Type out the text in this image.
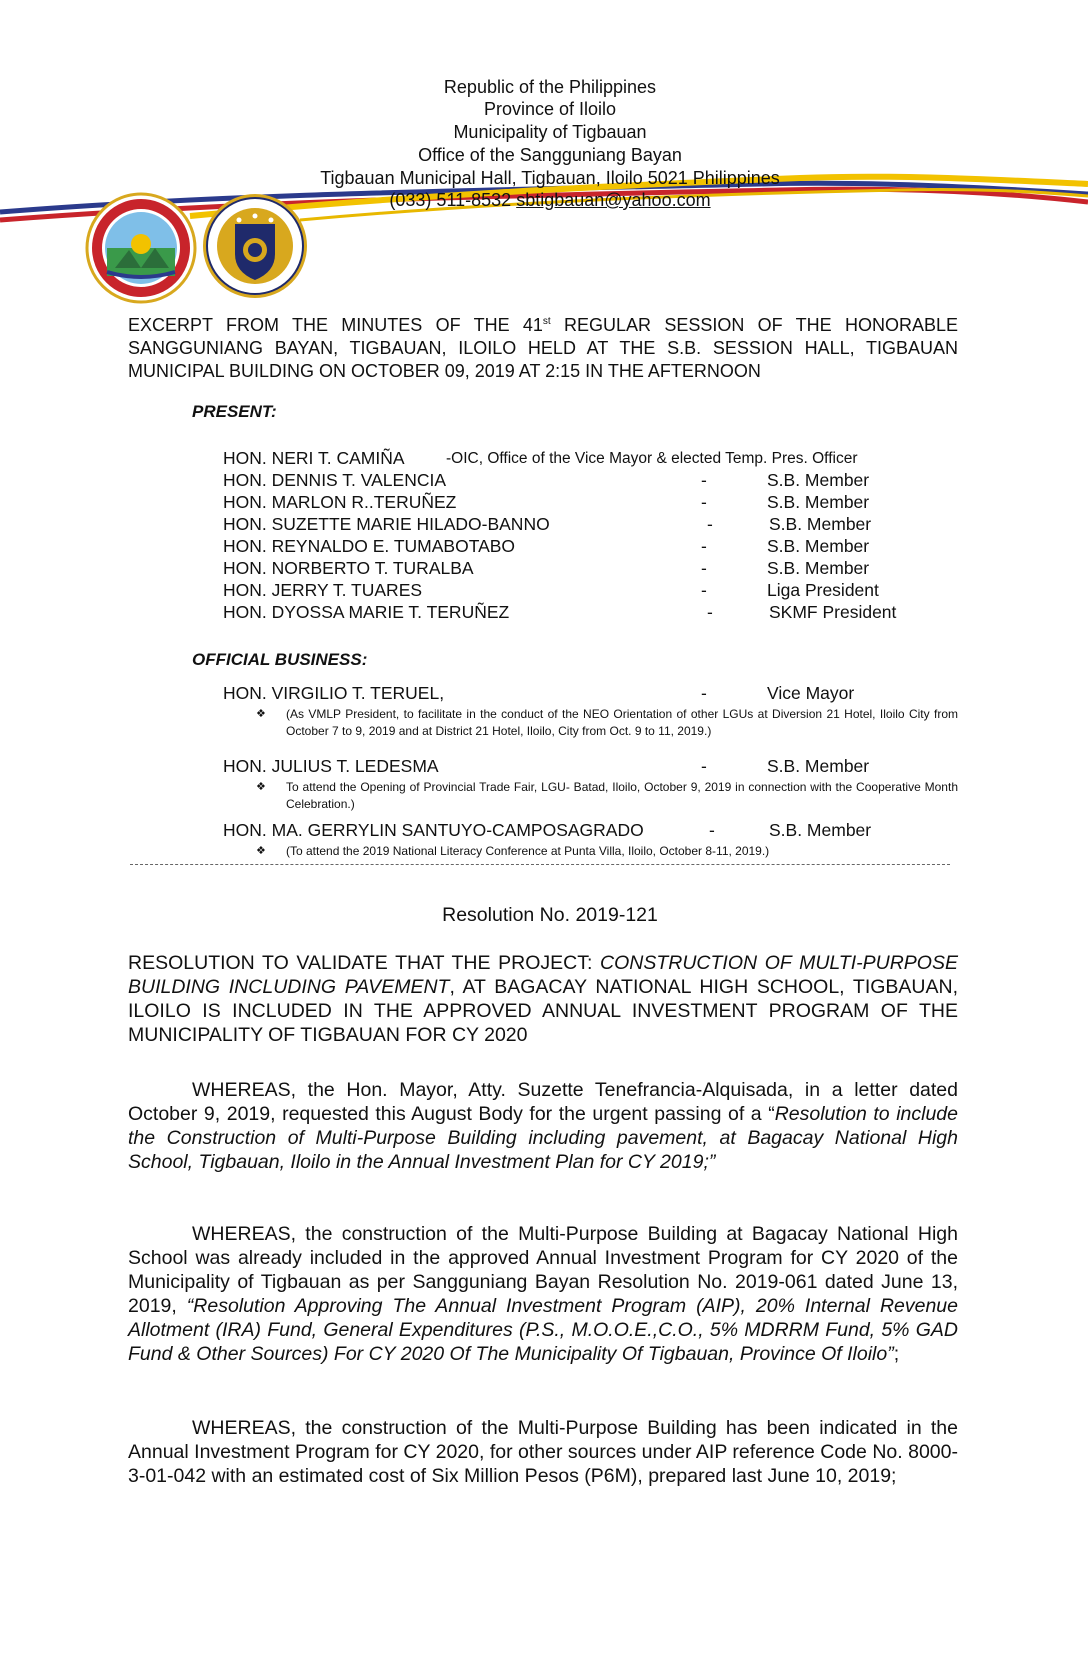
Republic of the Philippines
Province of Iloilo
Municipality of Tigbauan
Office of the Sangguniang Bayan
Tigbauan Municipal Hall, Tigbauan, Iloilo 5021 Philippines
(033) 511-8532 sbtigbauan@yahoo.com
EXCERPT FROM THE MINUTES OF THE 41st REGULAR SESSION OF THE HONORABLE SANGGUNIANG BAYAN, TIGBAUAN, ILOILO HELD AT THE S.B. SESSION HALL, TIGBAUAN MUNICIPAL BUILDING ON OCTOBER 09, 2019 AT 2:15 IN THE AFTERNOON
PRESENT:
HON. NERI T. CAMIÑA	-OIC, Office of the Vice Mayor & elected Temp. Pres. Officer
HON. DENNIS T. VALENCIA	-	S.B. Member
HON. MARLON R..TERUÑEZ	-	S.B. Member
HON. SUZETTE MARIE HILADO-BANNO	-	S.B. Member
HON. REYNALDO E. TUMABOTABO	-	S.B. Member
HON. NORBERTO T. TURALBA	-	S.B. Member
HON. JERRY T. TUARES	-	Liga President
HON. DYOSSA MARIE T. TERUÑEZ	-	SKMF President
OFFICIAL BUSINESS:
HON. VIRGILIO T. TERUEL,	-	Vice Mayor
❖ (As VMLP President, to facilitate in the conduct of the NEO Orientation of other LGUs at Diversion 21 Hotel, Iloilo City from October 7 to 9, 2019 and at District 21 Hotel, Iloilo, City from Oct. 9 to 11, 2019.)
HON. JULIUS T. LEDESMA	-	S.B. Member
❖ To attend the Opening of Provincial Trade Fair, LGU- Batad, Iloilo, October 9, 2019 in connection with the Cooperative Month Celebration.)
HON. MA. GERRYLIN SANTUYO-CAMPOSAGRADO	-	S.B. Member
❖ (To attend the 2019 National Literacy Conference at Punta Villa, Iloilo, October 8-11, 2019.)
Resolution No. 2019-121
RESOLUTION TO VALIDATE THAT THE PROJECT: CONSTRUCTION OF MULTI-PURPOSE BUILDING INCLUDING PAVEMENT, AT BAGACAY NATIONAL HIGH SCHOOL, TIGBAUAN, ILOILO IS INCLUDED IN THE APPROVED ANNUAL INVESTMENT PROGRAM OF THE MUNICIPALITY OF TIGBAUAN FOR CY 2020
WHEREAS, the Hon. Mayor, Atty. Suzette Tenefrancia-Alquisada, in a letter dated October 9, 2019, requested this August Body for the urgent passing of a “Resolution to include the Construction of Multi-Purpose Building including pavement, at Bagacay National High School, Tigbauan, Iloilo in the Annual Investment Plan for CY 2019;”
WHEREAS, the construction of the Multi-Purpose Building at Bagacay National High School was already included in the approved Annual Investment Program for CY 2020 of the Municipality of Tigbauan as per Sangguniang Bayan Resolution No. 2019-061 dated June 13, 2019, “Resolution Approving The Annual Investment Program (AIP), 20% Internal Revenue Allotment (IRA) Fund, General Expenditures (P.S., M.O.O.E.,C.O., 5% MDRRM Fund, 5% GAD Fund & Other Sources) For CY 2020 Of The Municipality Of Tigbauan, Province Of Iloilo”;
WHEREAS, the construction of the Multi-Purpose Building has been indicated in the Annual Investment Program for CY 2020, for other sources under AIP reference Code No. 8000-3-01-042 with an estimated cost of Six Million Pesos (P6M), prepared last June 10, 2019;
